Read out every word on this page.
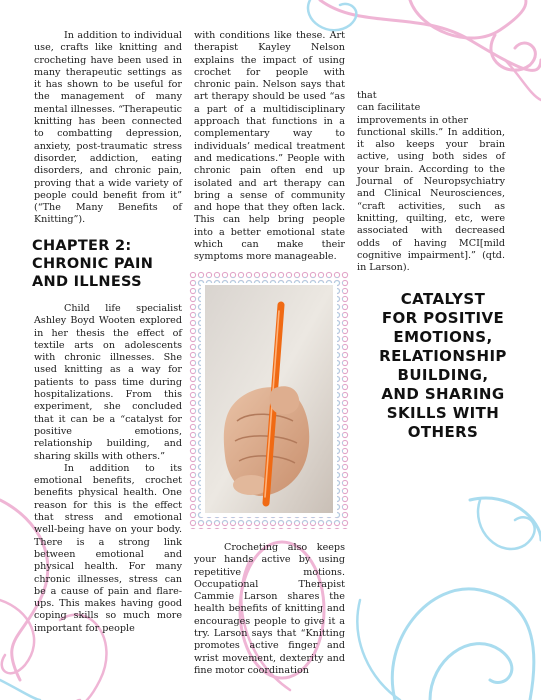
In addition to individual use, crafts like knitting and crocheting have been used in many therapeutic settings as it has shown to be useful for the management of many mental illnesses. “Therapeutic knitting has been connected to combatting depression, anxiety, post-traumatic stress disorder, addiction, eating disorders, and chronic pain, proving that a wide variety of people could benefit from it” (“The Many Benefits of Knitting”).

CHAPTER 2:
CHRONIC PAIN AND ILLNESS

Child life specialist Ashley Boyd Wooten explored in her thesis the effect of textile arts on adolescents with chronic illnesses. She used knitting as a way for patients to pass time during hospitalizations. From this experiment, she concluded that it can be a “catalyst for positive emotions, relationship building, and sharing skills with others.”

In addition to its emotional benefits, crochet benefits physical health. One reason for this is the effect that stress and emotional well-being have on your body. There is a strong link between emotional and physical health. For many chronic illnesses, stress can be a cause of pain and flare-ups. This makes having good coping skills so much more important for people

with conditions like these. Art therapist Kayley Nelson explains the impact of using crochet for people with chronic pain. Nelson says that art therapy should be used “as a part of a multidisciplinary approach that functions in a complementary way to individuals’ medical treatment and medications.” People with chronic pain often end up isolated and art therapy can bring a sense of community and hope that they often lack. This can help bring people into a better emotional state which can make their symptoms more manageable.

Crocheting also keeps your hands active by using repetitive motions. Occupational Therapist Cammie Larson shares the health benefits of knitting and encourages people to give it a try. Larson says that “Knitting promotes active finger and wrist movement, dexterity and fine motor coordination

that

can facilitate

improvements in other

functional skills.” In addition, it also keeps your brain active, using both sides of your brain. According to the Journal of Neuropsychiatry and Clinical Neurosciences, “craft activities, such as knitting, quilting, etc, were associated with decreased odds of having MCI[mild cognitive impairment].” (qtd. in Larson).

CATALYST
FOR POSITIVE
EMOTIONS,
RELATIONSHIP
BUILDING,
AND SHARING
SKILLS WITH
OTHERS
